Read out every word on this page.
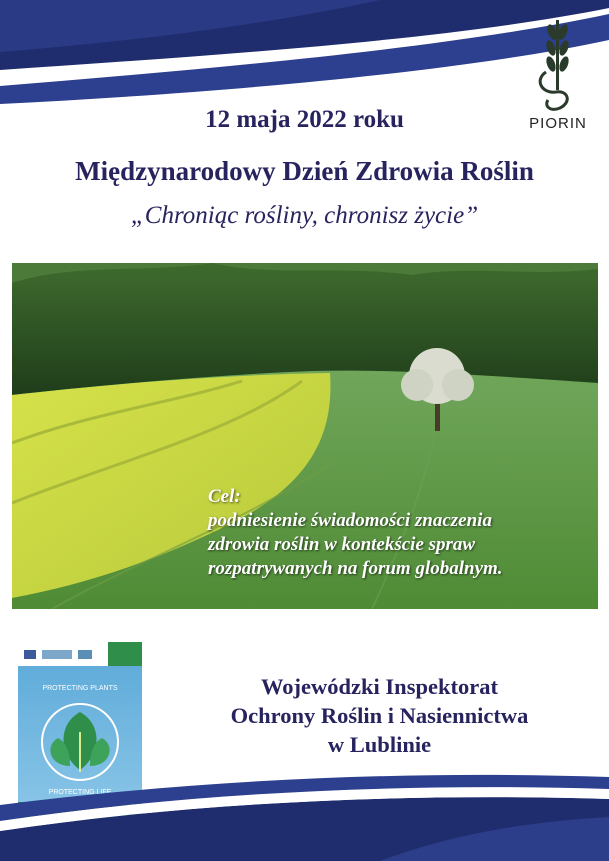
PIORIN
12 maja 2022 roku
Międzynarodowy Dzień Zdrowia Roślin
„Chroniąc rośliny, chronisz życie”
Cel:
podniesienie świadomości znaczenia
zdrowia roślin w kontekście spraw
rozpatrywanych na forum globalnym.
PROTECTING PLANTS
PROTECTING LIFE
Wojewódzki Inspektorat
Ochrony Roślin i Nasiennictwa
w Lublinie
